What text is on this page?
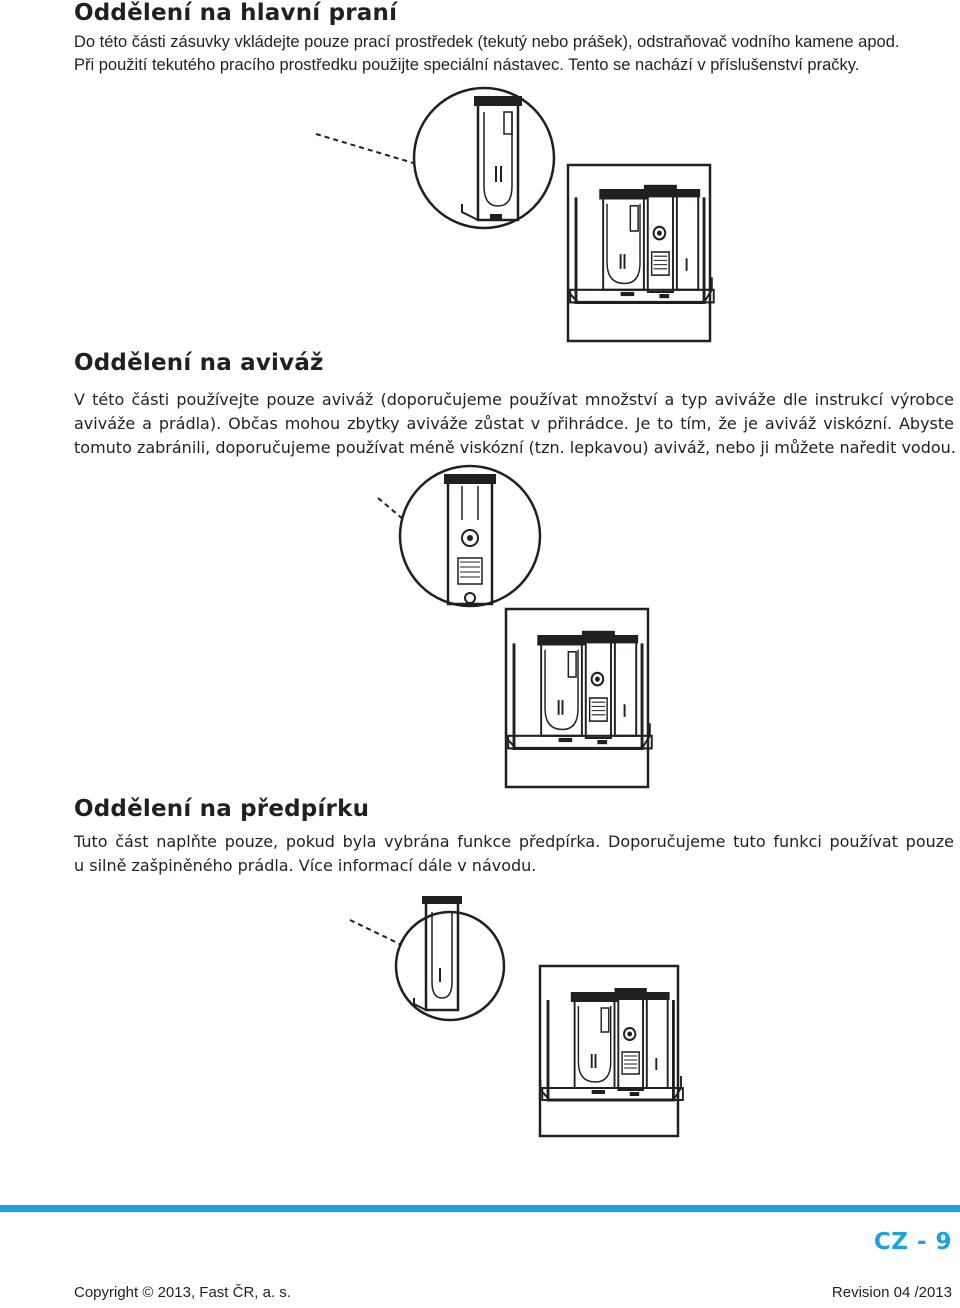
Oddělení na hlavní praní
Do této části zásuvky vkládejte pouze prací prostředek (tekutý nebo prášek), odstraňovač vodního kamene apod.
Při použití tekutého pracího prostředku použijte speciální nástavec. Tento se nachází v příslušenství pračky.
Oddělení na aviváž
V této části používejte pouze aviváž (doporučujeme používat množství a typ aviváže dle instrukcí výrobce
aviváže a prádla). Občas mohou zbytky aviváže zůstat v přihrádce. Je to tím, že je aviváž viskózní. Abyste
tomuto zabránili, doporučujeme používat méně viskózní (tzn. lepkavou) aviváž, nebo ji můžete naředit vodou.
Oddělení na předpírku
Tuto část naplňte pouze, pokud byla vybrána funkce předpírka. Doporučujeme tuto funkci používat pouze
u silně zašpiněného prádla. Více informací dále v návodu.
CZ - 9
Copyright © 2013, Fast ČR, a. s.	Revision 04 /2013
